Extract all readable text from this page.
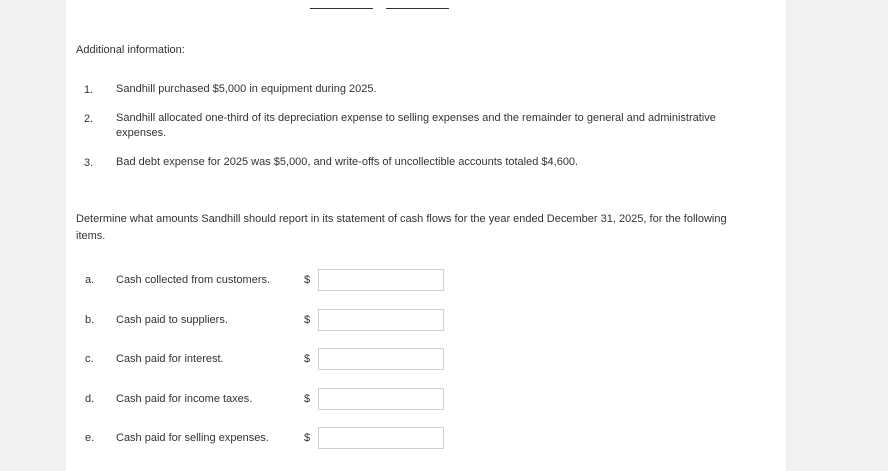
Additional information:
1. Sandhill purchased $5,000 in equipment during 2025.
2. Sandhill allocated one-third of its depreciation expense to selling expenses and the remainder to general and administrative expenses.
3. Bad debt expense for 2025 was $5,000, and write-offs of uncollectible accounts totaled $4,600.
Determine what amounts Sandhill should report in its statement of cash flows for the year ended December 31, 2025, for the following items.
a. Cash collected from customers.	$
b. Cash paid to suppliers.	$
c. Cash paid for interest.	$
d. Cash paid for income taxes.	$
e. Cash paid for selling expenses.	$
